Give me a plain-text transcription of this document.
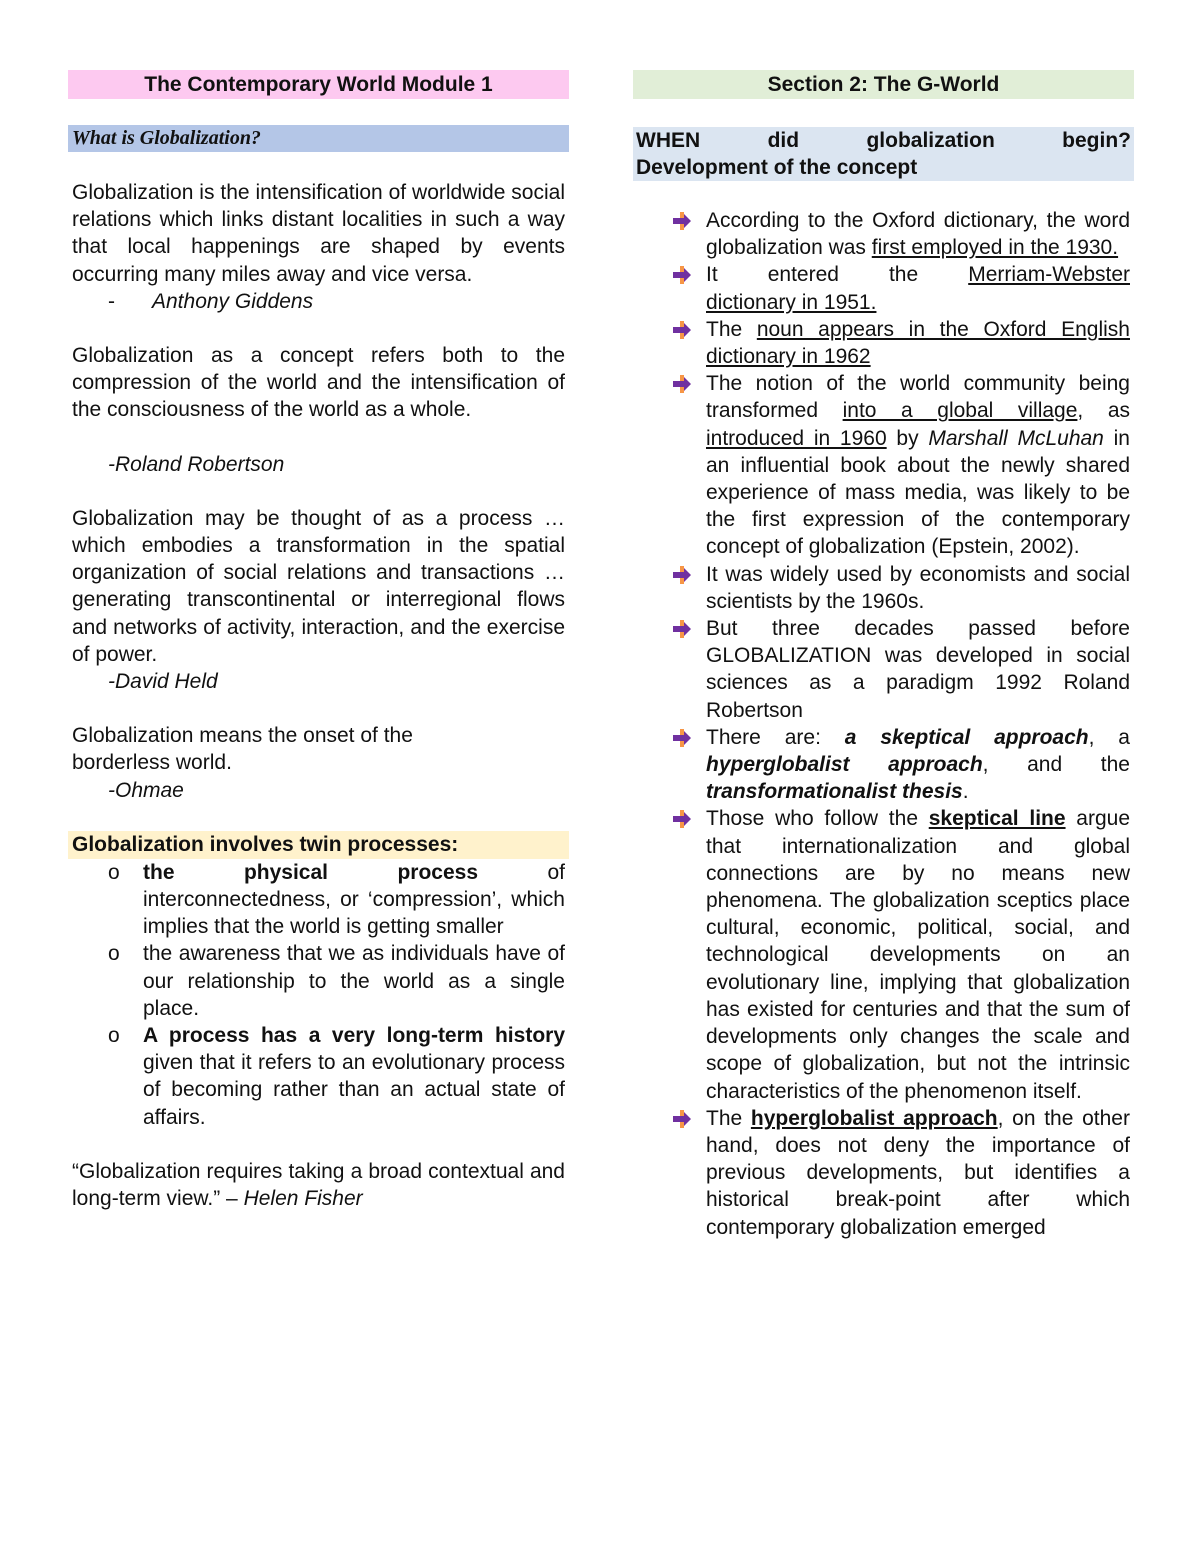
The Contemporary World Module 1
What is Globalization?

Globalization is the intensification of worldwide social relations which links distant localities in such a way that local happenings are shaped by events occurring many miles away and vice versa.

- Anthony Giddens

Globalization as a concept refers both to the compression of the world and the intensification of the consciousness of the world as a whole.

-Roland Robertson

Globalization may be thought of as a process … which embodies a transformation in the spatial organization of social relations and transactions … generating transcontinental or interregional flows and networks of activity, interaction, and the exercise of power.

-David Held

Globalization means the onset of the

borderless world.

-Ohmae

Globalization involves twin processes:
o the physical process of interconnectedness, or ‘compression’, which implies that the world is getting smaller
o the awareness that we as individuals have of our relationship to the world as a single place.
o A process has a very long-term history given that it refers to an evolutionary process of becoming rather than an actual state of affairs.

“Globalization requires taking a broad contextual and long-term view.” – Helen Fisher

Section 2: The G-World
WHEN	did	globalization	begin?
Development of the concept
According to the Oxford dictionary, the word globalization was first employed in the 1930.
It entered the Merriam-Webster dictionary in 1951.
The noun appears in the Oxford English dictionary in 1962
The notion of the world community being transformed into a global village, as introduced in 1960 by Marshall McLuhan in an influential book about the newly shared experience of mass media, was likely to be the first expression of the contemporary concept of globalization (Epstein, 2002).
It was widely used by economists and social scientists by the 1960s.
But three decades passed before GLOBALIZATION was developed in social sciences as a paradigm 1992 Roland Robertson
There are: a skeptical approach, a hyperglobalist approach, and the transformationalist thesis.
Those who follow the skeptical line argue that internationalization and global connections are by no means new phenomena. The globalization sceptics place cultural, economic, political, social, and technological developments on an evolutionary line, implying that globalization has existed for centuries and that the sum of developments only changes the scale and scope of globalization, but not the intrinsic characteristics of the phenomenon itself.
The hyperglobalist approach, on the other hand, does not deny the importance of previous developments, but identifies a historical break-point after which contemporary globalization emerged
